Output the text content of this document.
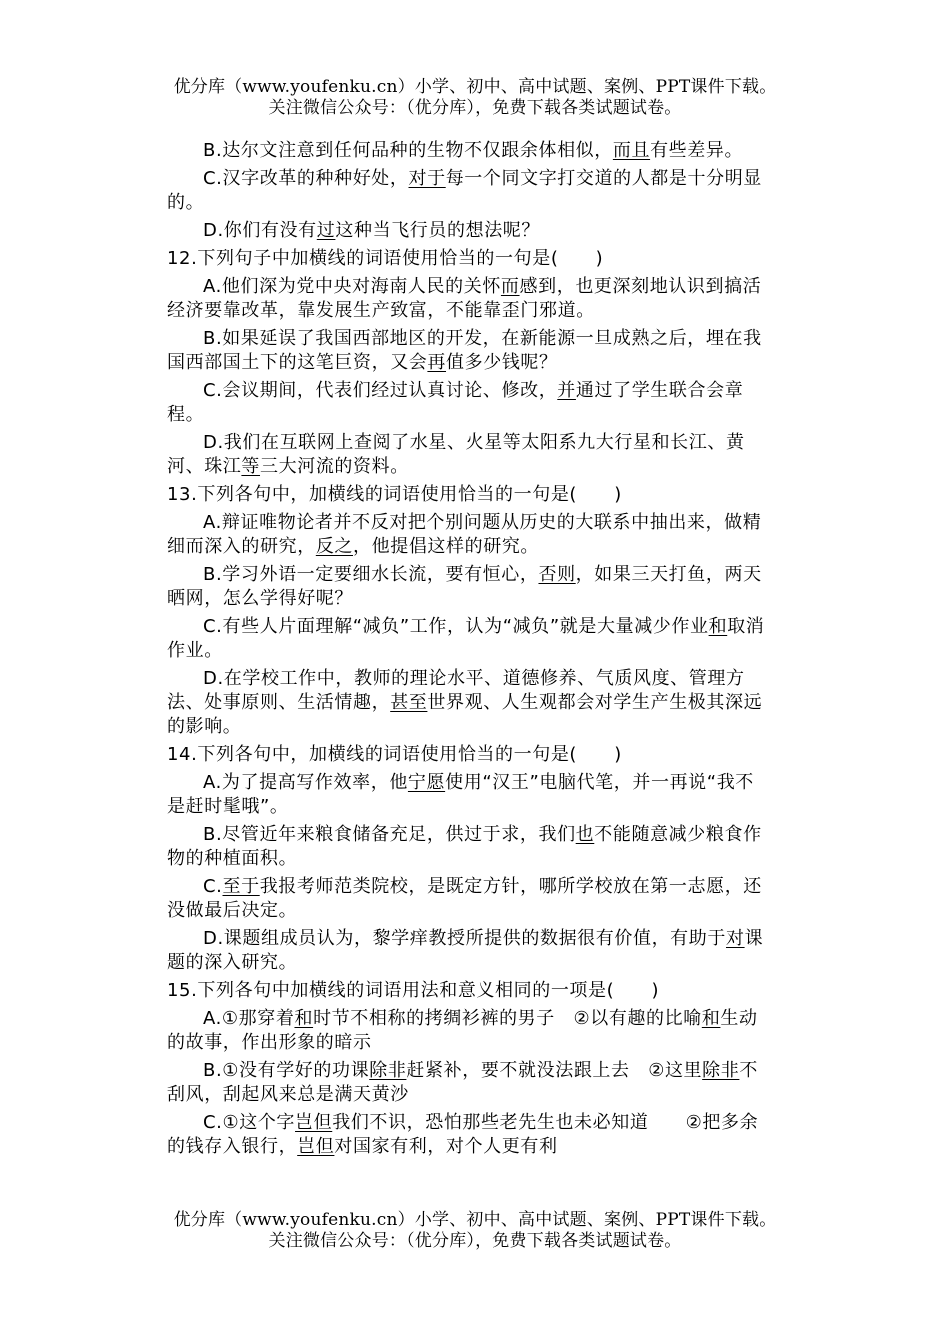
优分库（www.youfenku.cn）小学、初中、高中试题、案例、PPT课件下载。
关注微信公众号：（优分库），免费下载各类试题试卷。

B.达尔文注意到任何品种的生物不仅跟余体相似，而且有些差异。

C.汉字改革的种种好处，对于每一个同文字打交道的人都是十分明显的。

D.你们有没有过这种当飞行员的想法呢？

12.下列句子中加横线的词语使用恰当的一句是(　　)

A.他们深为党中央对海南人民的关怀而感到，也更深刻地认识到搞活经济要靠改革，靠发展生产致富，不能靠歪门邪道。

B.如果延误了我国西部地区的开发，在新能源一旦成熟之后，埋在我国西部国土下的这笔巨资，又会再值多少钱呢？

C.会议期间，代表们经过认真讨论、修改，并通过了学生联合会章程。

D.我们在互联网上查阅了水星、火星等太阳系九大行星和长江、黄河、珠江等三大河流的资料。

13.下列各句中，加横线的词语使用恰当的一句是(　　)

A.辩证唯物论者并不反对把个别问题从历史的大联系中抽出来，做精细而深入的研究，反之，他提倡这样的研究。

B.学习外语一定要细水长流，要有恒心，否则，如果三天打鱼，两天晒网，怎么学得好呢？

C.有些人片面理解“减负”工作，认为“减负”就是大量减少作业和取消作业。

D.在学校工作中，教师的理论水平、道德修养、气质风度、管理方法、处事原则、生活情趣，甚至世界观、人生观都会对学生产生极其深远的影响。

14.下列各句中，加横线的词语使用恰当的一句是(　　)

A.为了提高写作效率，他宁愿使用“汉王”电脑代笔，并一再说“我不是赶时髦哦”。

B.尽管近年来粮食储备充足，供过于求，我们也不能随意减少粮食作物的种植面积。

C.至于我报考师范类院校，是既定方针，哪所学校放在第一志愿，还没做最后决定。

D.课题组成员认为，黎学痒教授所提供的数据很有价值，有助于对课题的深入研究。

15.下列各句中加横线的词语用法和意义相同的一项是(　　)

A.①那穿着和时节不相称的拷绸衫裤的男子　②以有趣的比喻和生动的故事，作出形象的暗示

B.①没有学好的功课除非赶紧补，要不就没法跟上去　②这里除非不刮风，刮起风来总是满天黄沙

C.①这个字岂但我们不识，恐怕那些老先生也未必知道　　②把多余的钱存入银行，岂但对国家有利，对个人更有利

优分库（www.youfenku.cn）小学、初中、高中试题、案例、PPT课件下载。
关注微信公众号：（优分库），免费下载各类试题试卷。
